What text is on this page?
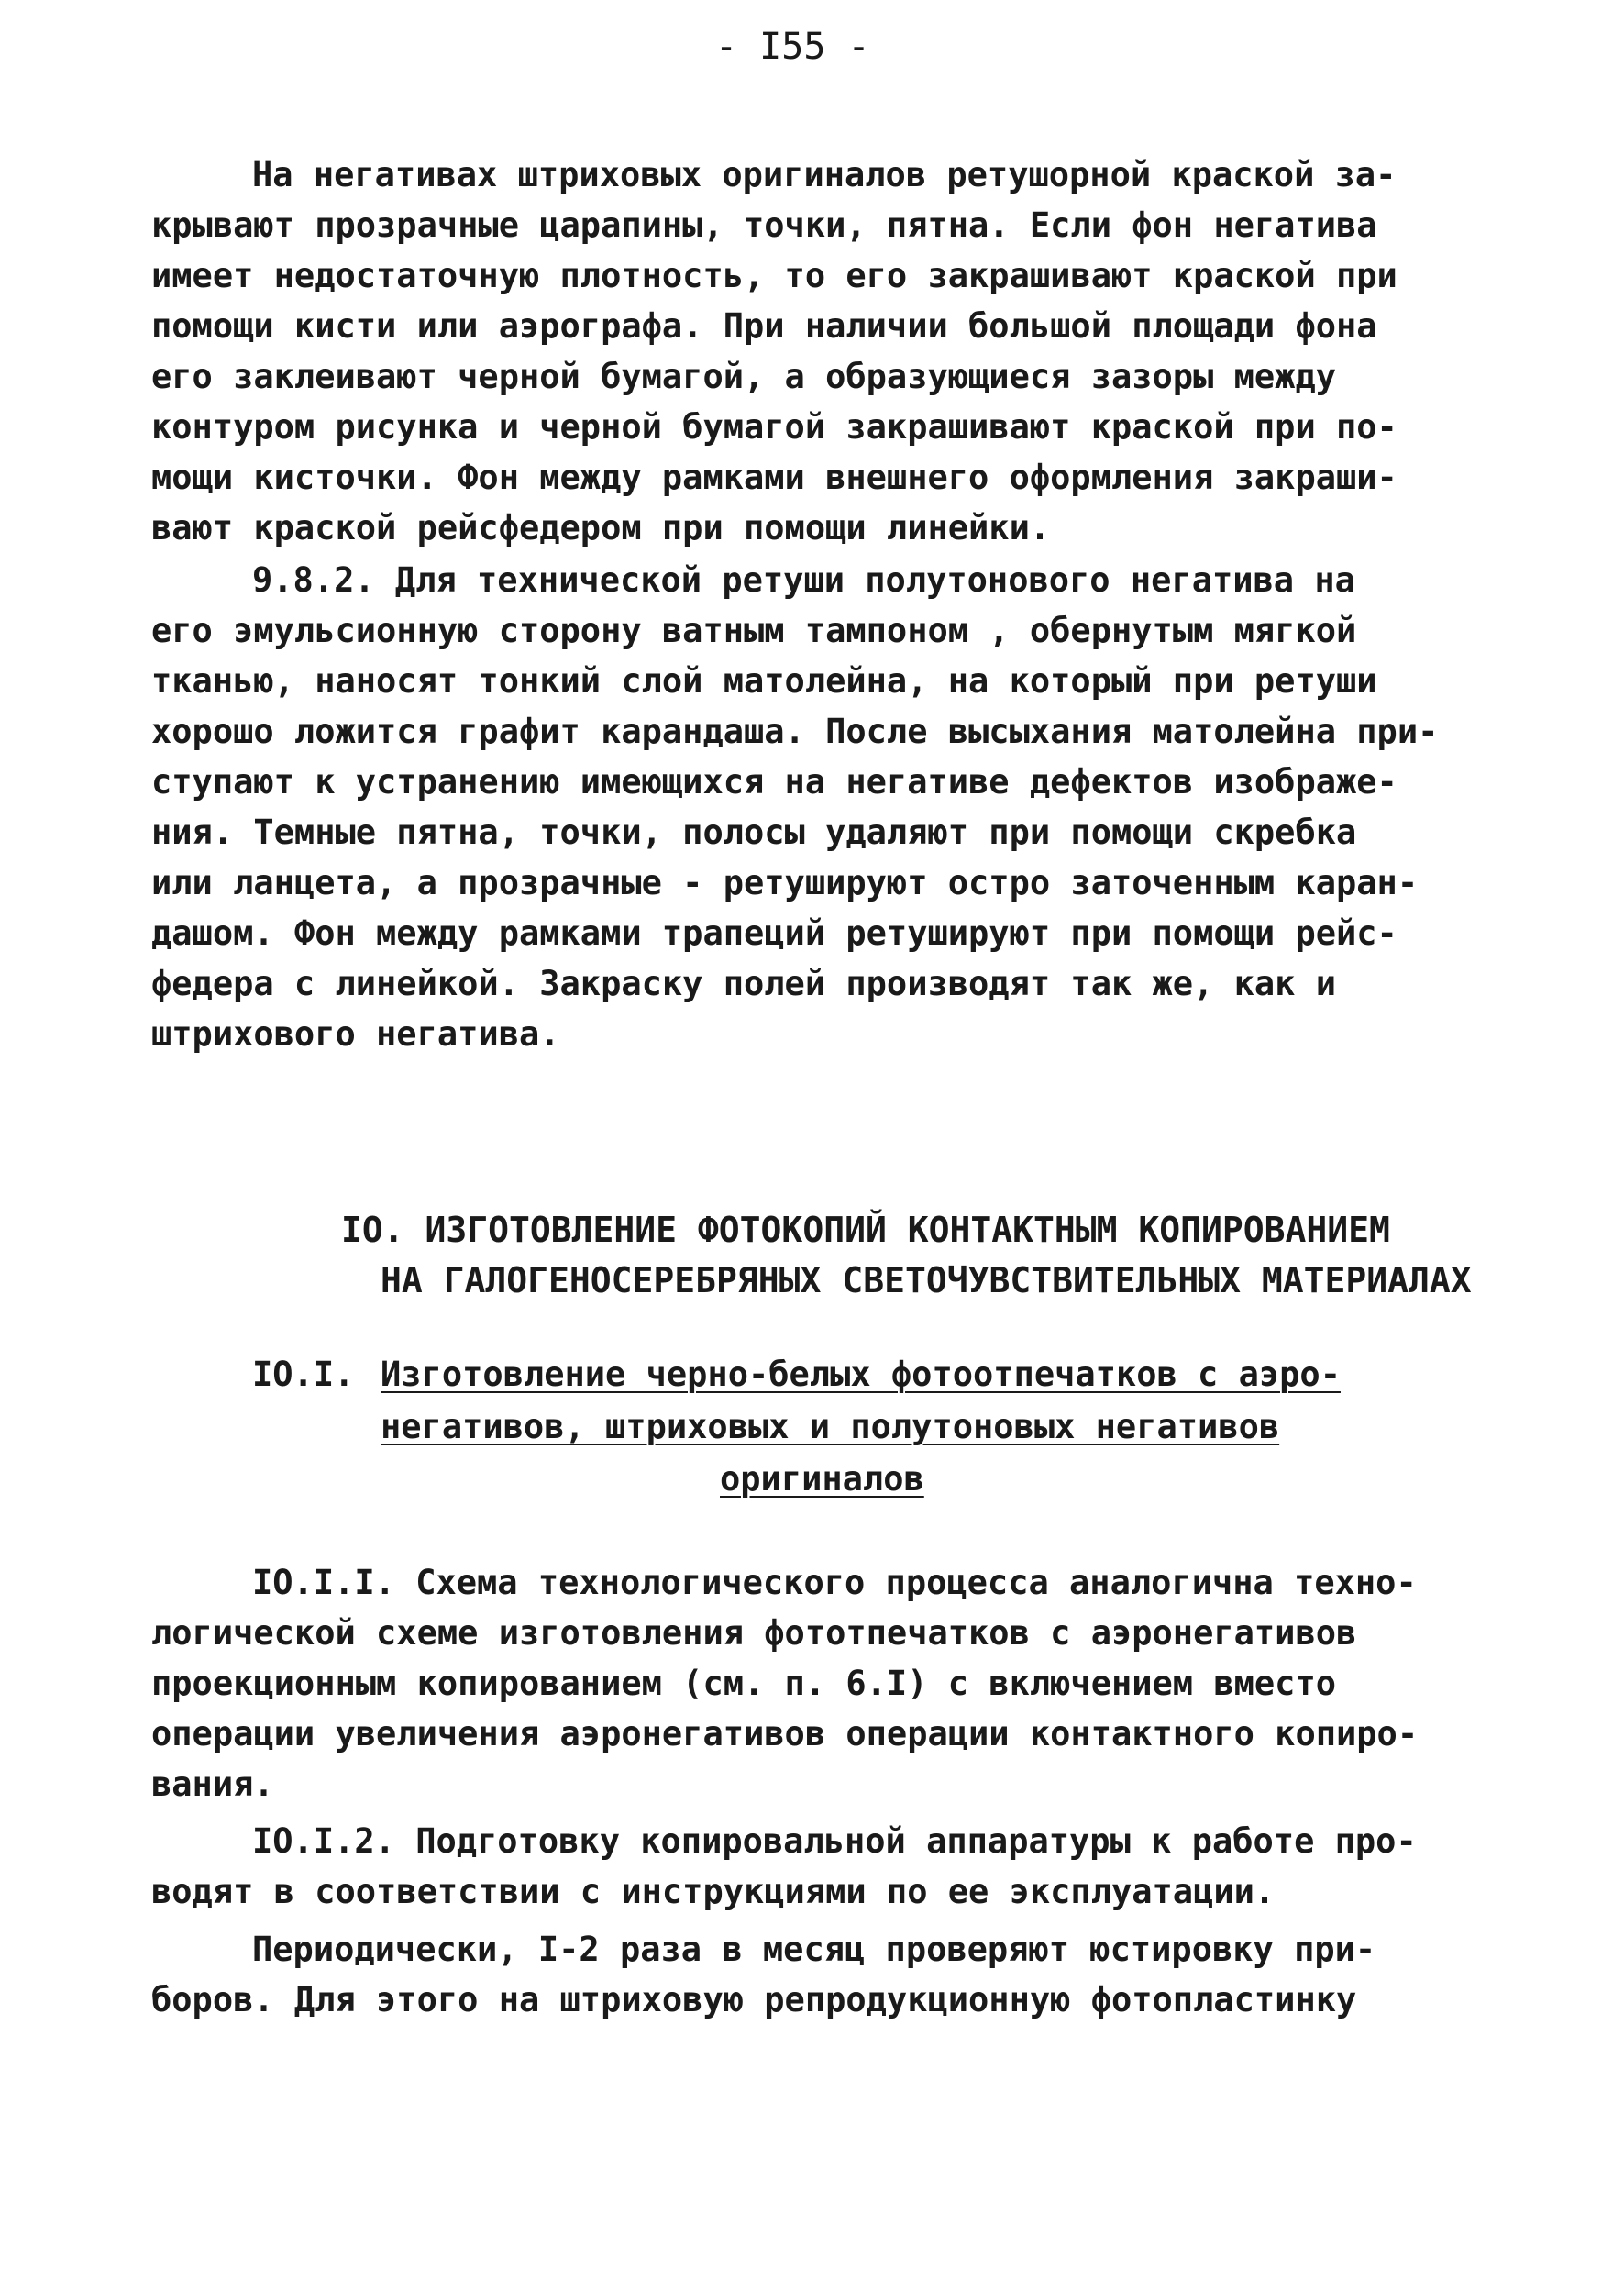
- I55 -
На негативах штриховых оригиналов ретушорной краской за-
крывают прозрачные царапины, точки, пятна. Если фон негатива
имеет недостаточную плотность, то его закрашивают краской при
помощи кисти или аэрографа. При наличии большой площади фона
его заклеивают черной бумагой, а образующиеся зазоры между
контуром рисунка и черной бумагой закрашивают краской при по-
мощи кисточки. Фон между рамками внешнего оформления закраши-
вают краской рейсфедером при помощи линейки.
9.8.2. Для технической ретуши полутонового негатива на
его эмульсионную сторону ватным тампоном , обернутым мягкой
тканью, наносят тонкий слой матолейна, на который при ретуши
хорошо ложится графит карандаша. После высыхания матолейна при-
ступают к устранению имеющихся на негативе дефектов изображе-
ния. Темные пятна, точки, полосы удаляют при помощи скребка
или ланцета, а прозрачные - ретушируют остро заточенным каран-
дашом. Фон между рамками трапеций ретушируют при помощи рейс-
федера с линейкой. Закраску полей производят так же, как и
штрихового негатива.
IO. ИЗГОТОВЛЕНИЕ ФОТОКОПИЙ КОНТАКТНЫМ КОПИРОВАНИЕМ
НА ГАЛОГЕНОСЕРЕБРЯНЫХ СВЕТОЧУВСТВИТЕЛЬНЫХ МАТЕРИАЛАХ
IO.I. Изготовление черно-белых фотоотпечатков с аэро-
негативов, штриховых и полутоновых негативов
оригиналов
IO.I.I. Схема технологического процесса аналогична техно-
логической схеме изготовления фототпечатков с аэронегативов
проекционным копированием (см. п. 6.I) с включением вместо
операции увеличения аэронегативов операции контактного копиро-
вания.
IO.I.2. Подготовку копировальной аппаратуры к работе про-
водят в соответствии с инструкциями по ее эксплуатации.
Периодически, I-2 раза в месяц проверяют юстировку при-
боров. Для этого на штриховую репродукционную фотопластинку
